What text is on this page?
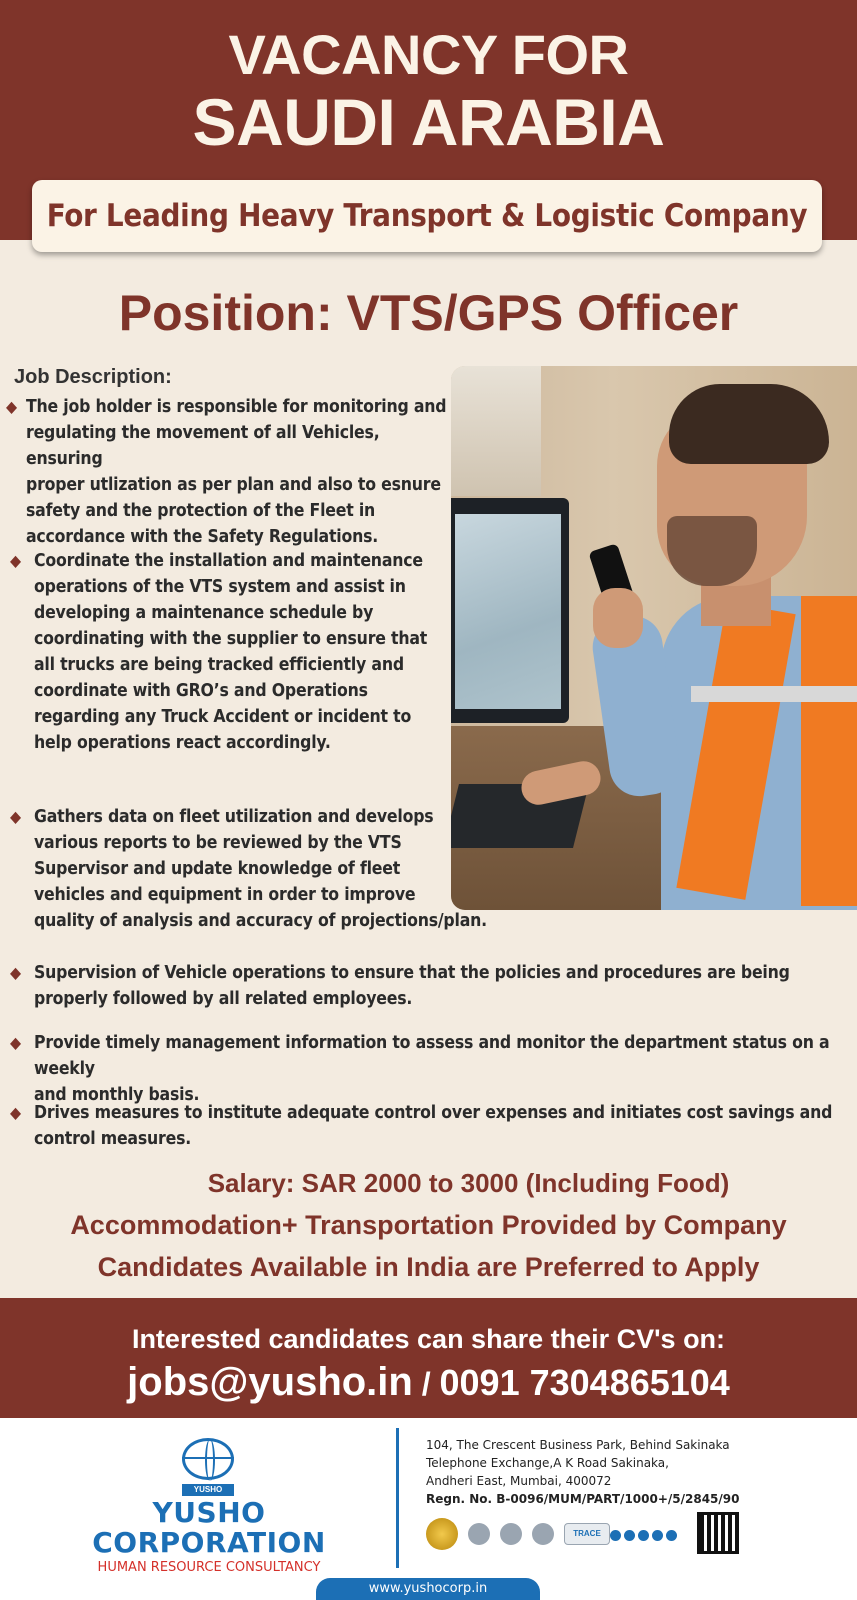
VACANCY FOR
SAUDI ARABIA
For Leading Heavy Transport & Logistic Company
Position: VTS/GPS Officer
Job Description:
◆ The job holder is responsible for monitoring and
regulating the movement of all Vehicles, ensuring
proper utlization as per plan and also to esnure
safety and the protection of the Fleet in
accordance with the Safety Regulations.
◆ Coordinate the installation and maintenance
operations of the VTS system and assist in
developing a maintenance schedule by
coordinating with the supplier to ensure that
all trucks are being tracked efficiently and
coordinate with GRO’s and Operations
regarding any Truck Accident or incident to
help operations react accordingly.
◆ Gathers data on fleet utilization and develops
various reports to be reviewed by the VTS
Supervisor and update knowledge of fleet
vehicles and equipment in order to improve
quality of analysis and accuracy of projections/plan.
◆ Supervision of Vehicle operations to ensure that the policies and procedures are being
properly followed by all related employees.
◆ Provide timely management information to assess and monitor the department status on a weekly
and monthly basis.
◆ Drives measures to institute adequate control over expenses and initiates cost savings and
control measures.
Salary: SAR 2000 to 3000 (Including Food)
Accommodation+ Transportation Provided by Company
Candidates Available in India are Preferred to Apply
Interested candidates can share their CV's on:
jobs@yusho.in / 0091 7304865104
YUSHO
YUSHO
CORPORATION
HUMAN RESOURCE CONSULTANCY
104, The Crescent Business Park, Behind Sakinaka
Telephone Exchange,A K Road Sakinaka,
Andheri East, Mumbai, 400072
Regn. No. B-0096/MUM/PART/1000+/5/2845/90
TRACE
www.yushocorp.in
